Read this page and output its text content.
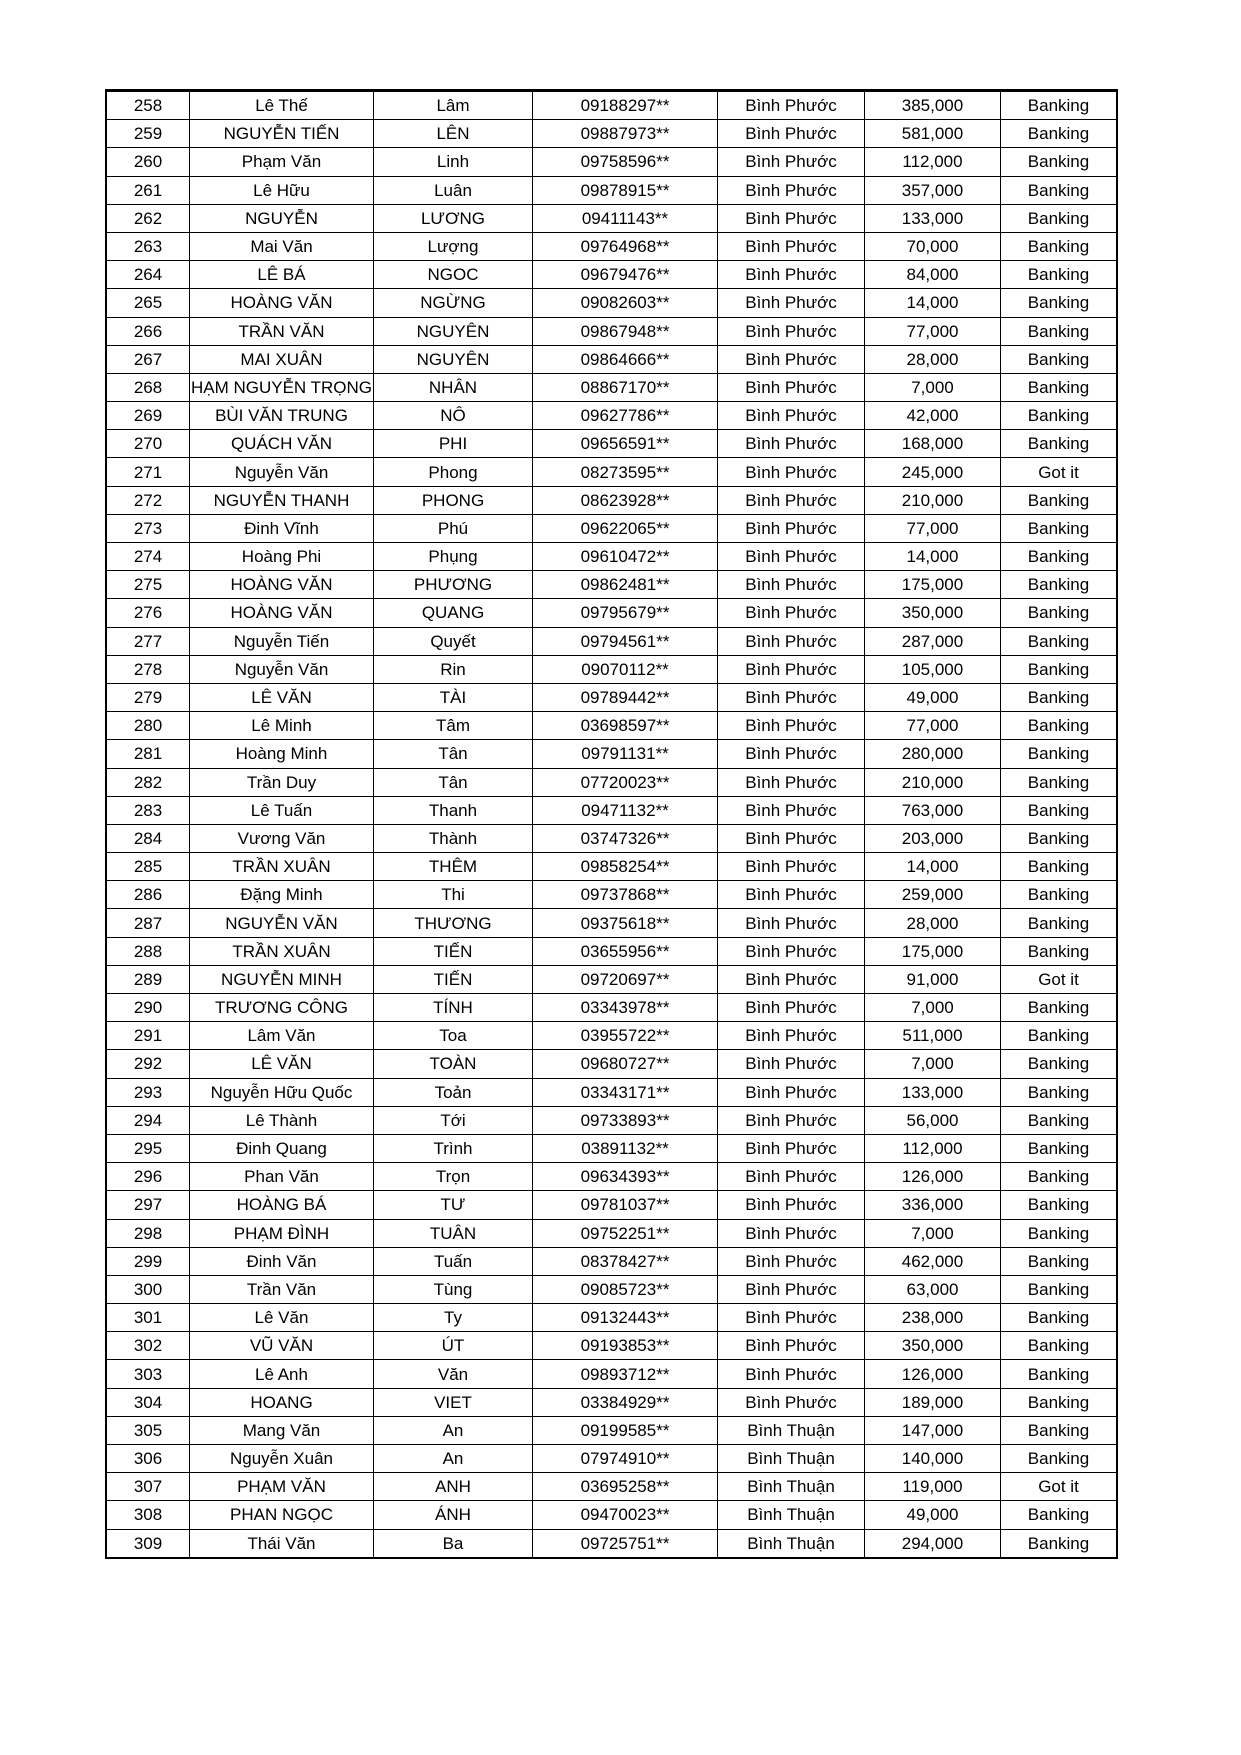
258	Lê Thế	Lâm	09188297**	Bình Phước	385,000	Banking
259	NGUYỄN TIẾN	LÊN	09887973**	Bình Phước	581,000	Banking
260	Phạm Văn	Linh	09758596**	Bình Phước	112,000	Banking
261	Lê Hữu	Luân	09878915**	Bình Phước	357,000	Banking
262	NGUYỄN	LƯƠNG	09411143**	Bình Phước	133,000	Banking
263	Mai Văn	Lượng	09764968**	Bình Phước	70,000	Banking
264	LÊ BÁ	NGOC	09679476**	Bình Phước	84,000	Banking
265	HOÀNG VĂN	NGỪNG	09082603**	Bình Phước	14,000	Banking
266	TRẦN VĂN	NGUYÊN	09867948**	Bình Phước	77,000	Banking
267	MAI XUÂN	NGUYÊN	09864666**	Bình Phước	28,000	Banking
268	HẠM NGUYỄN TRỌNG	NHÂN	08867170**	Bình Phước	7,000	Banking
269	BÙI VĂN TRUNG	NÔ	09627786**	Bình Phước	42,000	Banking
270	QUÁCH VĂN	PHI	09656591**	Bình Phước	168,000	Banking
271	Nguyễn Văn	Phong	08273595**	Bình Phước	245,000	Got it
272	NGUYỄN THANH	PHONG	08623928**	Bình Phước	210,000	Banking
273	Đinh Vĩnh	Phú	09622065**	Bình Phước	77,000	Banking
274	Hoàng Phi	Phụng	09610472**	Bình Phước	14,000	Banking
275	HOÀNG VĂN	PHƯƠNG	09862481**	Bình Phước	175,000	Banking
276	HOÀNG VĂN	QUANG	09795679**	Bình Phước	350,000	Banking
277	Nguyễn Tiến	Quyết	09794561**	Bình Phước	287,000	Banking
278	Nguyễn Văn	Rin	09070112**	Bình Phước	105,000	Banking
279	LÊ VĂN	TÀI	09789442**	Bình Phước	49,000	Banking
280	Lê Minh	Tâm	03698597**	Bình Phước	77,000	Banking
281	Hoàng Minh	Tân	09791131**	Bình Phước	280,000	Banking
282	Trần Duy	Tân	07720023**	Bình Phước	210,000	Banking
283	Lê Tuấn	Thanh	09471132**	Bình Phước	763,000	Banking
284	Vương Văn	Thành	03747326**	Bình Phước	203,000	Banking
285	TRẦN XUÂN	THÊM	09858254**	Bình Phước	14,000	Banking
286	Đặng Minh	Thi	09737868**	Bình Phước	259,000	Banking
287	NGUYỄN VĂN	THƯƠNG	09375618**	Bình Phước	28,000	Banking
288	TRẦN XUÂN	TIẾN	03655956**	Bình Phước	175,000	Banking
289	NGUYỄN MINH	TIẾN	09720697**	Bình Phước	91,000	Got it
290	TRƯƠNG CÔNG	TÍNH	03343978**	Bình Phước	7,000	Banking
291	Lâm Văn	Toa	03955722**	Bình Phước	511,000	Banking
292	LÊ VĂN	TOÀN	09680727**	Bình Phước	7,000	Banking
293	Nguyễn Hữu Quốc	Toản	03343171**	Bình Phước	133,000	Banking
294	Lê Thành	Tới	09733893**	Bình Phước	56,000	Banking
295	Đinh Quang	Trình	03891132**	Bình Phước	112,000	Banking
296	Phan Văn	Trọn	09634393**	Bình Phước	126,000	Banking
297	HOÀNG BÁ	TƯ	09781037**	Bình Phước	336,000	Banking
298	PHẠM ĐÌNH	TUÂN	09752251**	Bình Phước	7,000	Banking
299	Đinh Văn	Tuấn	08378427**	Bình Phước	462,000	Banking
300	Trần Văn	Tùng	09085723**	Bình Phước	63,000	Banking
301	Lê Văn	Ty	09132443**	Bình Phước	238,000	Banking
302	VŨ VĂN	ÚT	09193853**	Bình Phước	350,000	Banking
303	Lê Anh	Văn	09893712**	Bình Phước	126,000	Banking
304	HOANG	VIET	03384929**	Bình Phước	189,000	Banking
305	Mang Văn	An	09199585**	Bình Thuận	147,000	Banking
306	Nguyễn Xuân	An	07974910**	Bình Thuận	140,000	Banking
307	PHẠM VĂN	ANH	03695258**	Bình Thuận	119,000	Got it
308	PHAN NGỌC	ÁNH	09470023**	Bình Thuận	49,000	Banking
309	Thái Văn	Ba	09725751**	Bình Thuận	294,000	Banking
